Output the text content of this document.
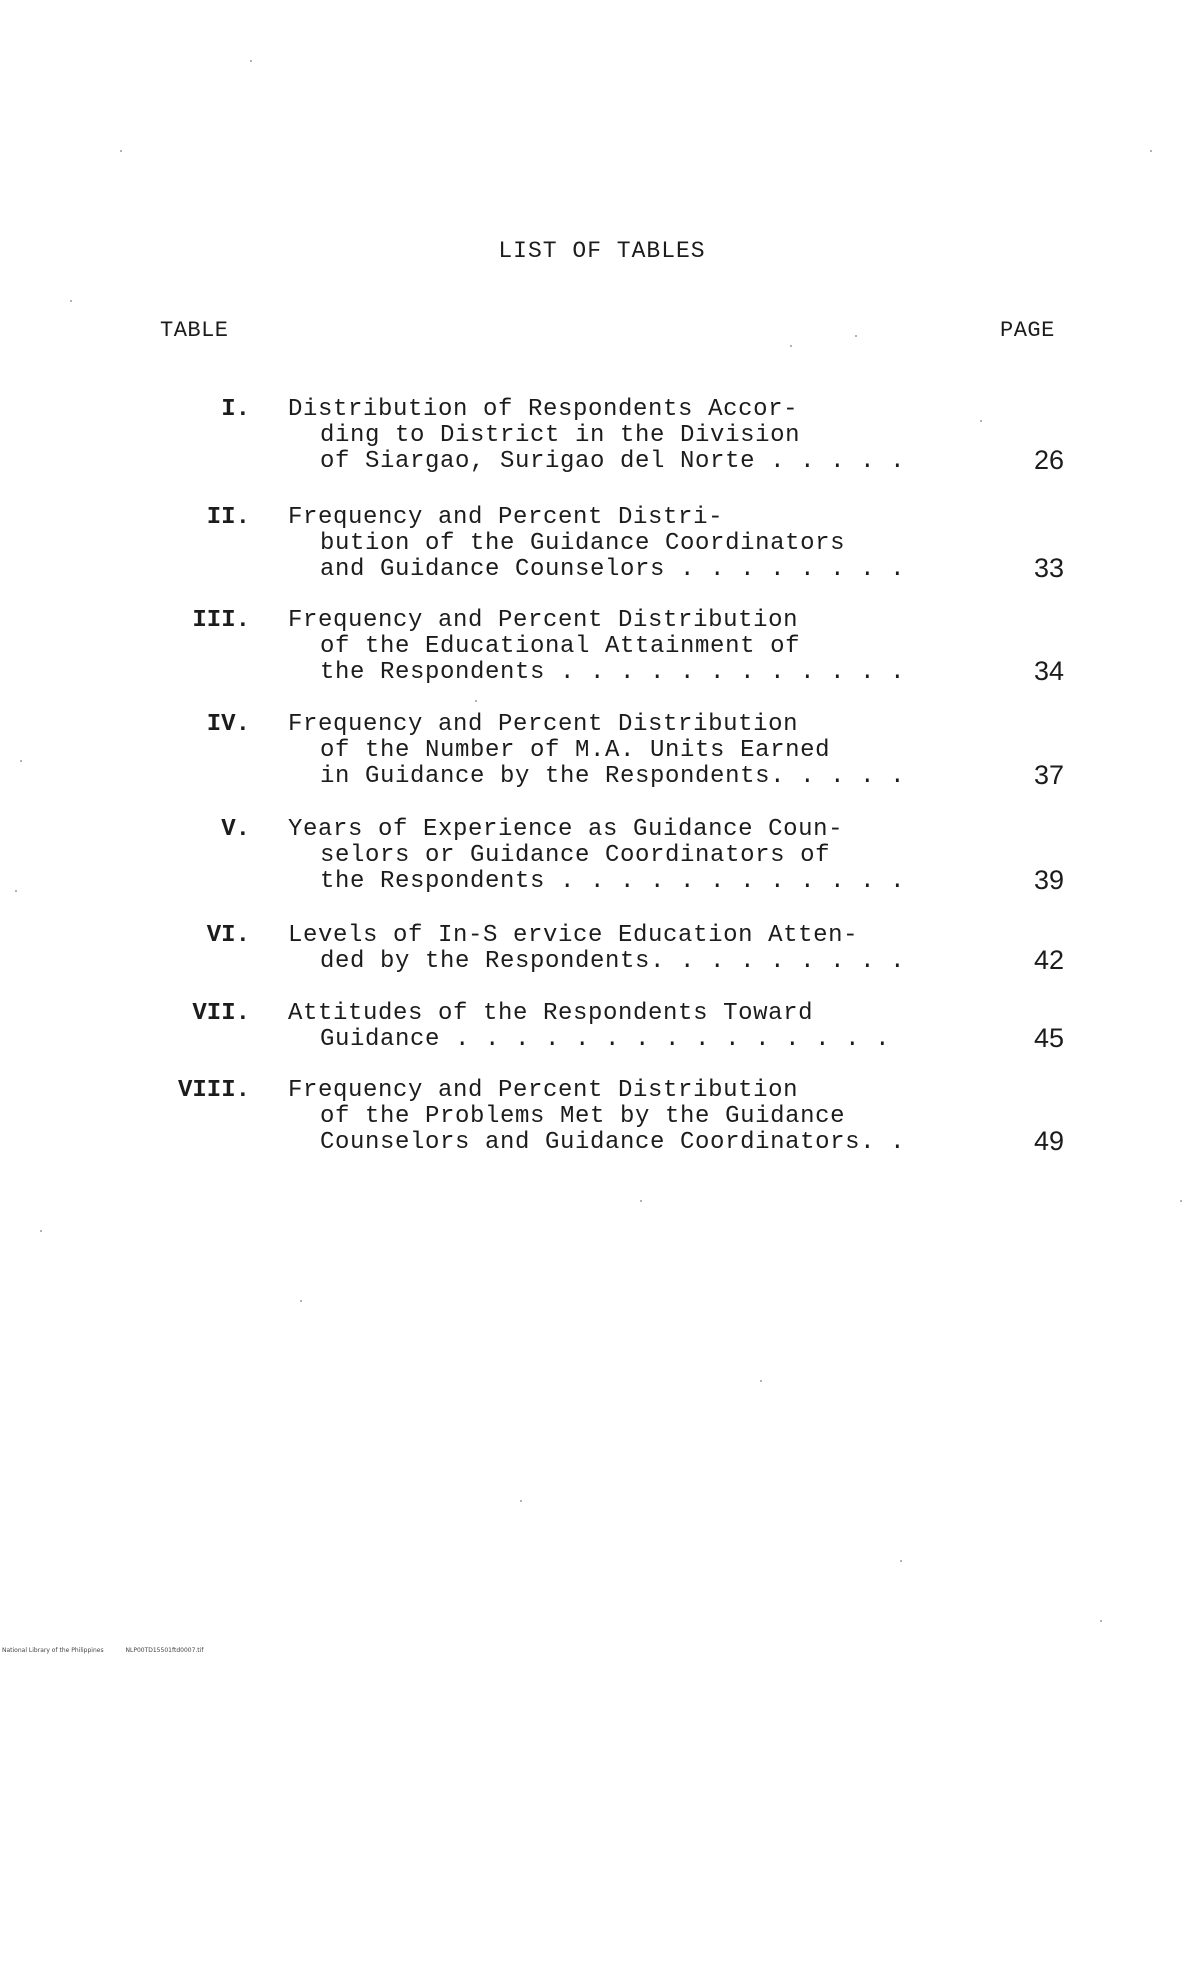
LIST OF TABLES
TABLE	PAGE
I. Distribution of Respondents Accor-
ding to District in the Division
of Siargao, Surigao del Norte . . . . .	26
II. Frequency and Percent Distri-
bution of the Guidance Coordinators
and Guidance Counselors . . . . . . . .	33
III. Frequency and Percent Distribution
of the Educational Attainment of
the Respondents . . . . . . . . . . . .	34
IV. Frequency and Percent Distribution
of the Number of M.A. Units Earned
in Guidance by the Respondents. . . . .	37
V. Years of Experience as Guidance Coun-
selors or Guidance Coordinators of
the Respondents . . . . . . . . . . . .	39
VI. Levels of In-S ervice Education Atten-
ded by the Respondents. . . . . . . . .	42
VII. Attitudes of the Respondents Toward
Guidance . . . . . . . . . . . . . . .	45
VIII. Frequency and Percent Distribution
of the Problems Met by the Guidance
Counselors and Guidance Coordinators. .	49
National Library of the Philippines	NLP00TD15501ftd0007.tif
